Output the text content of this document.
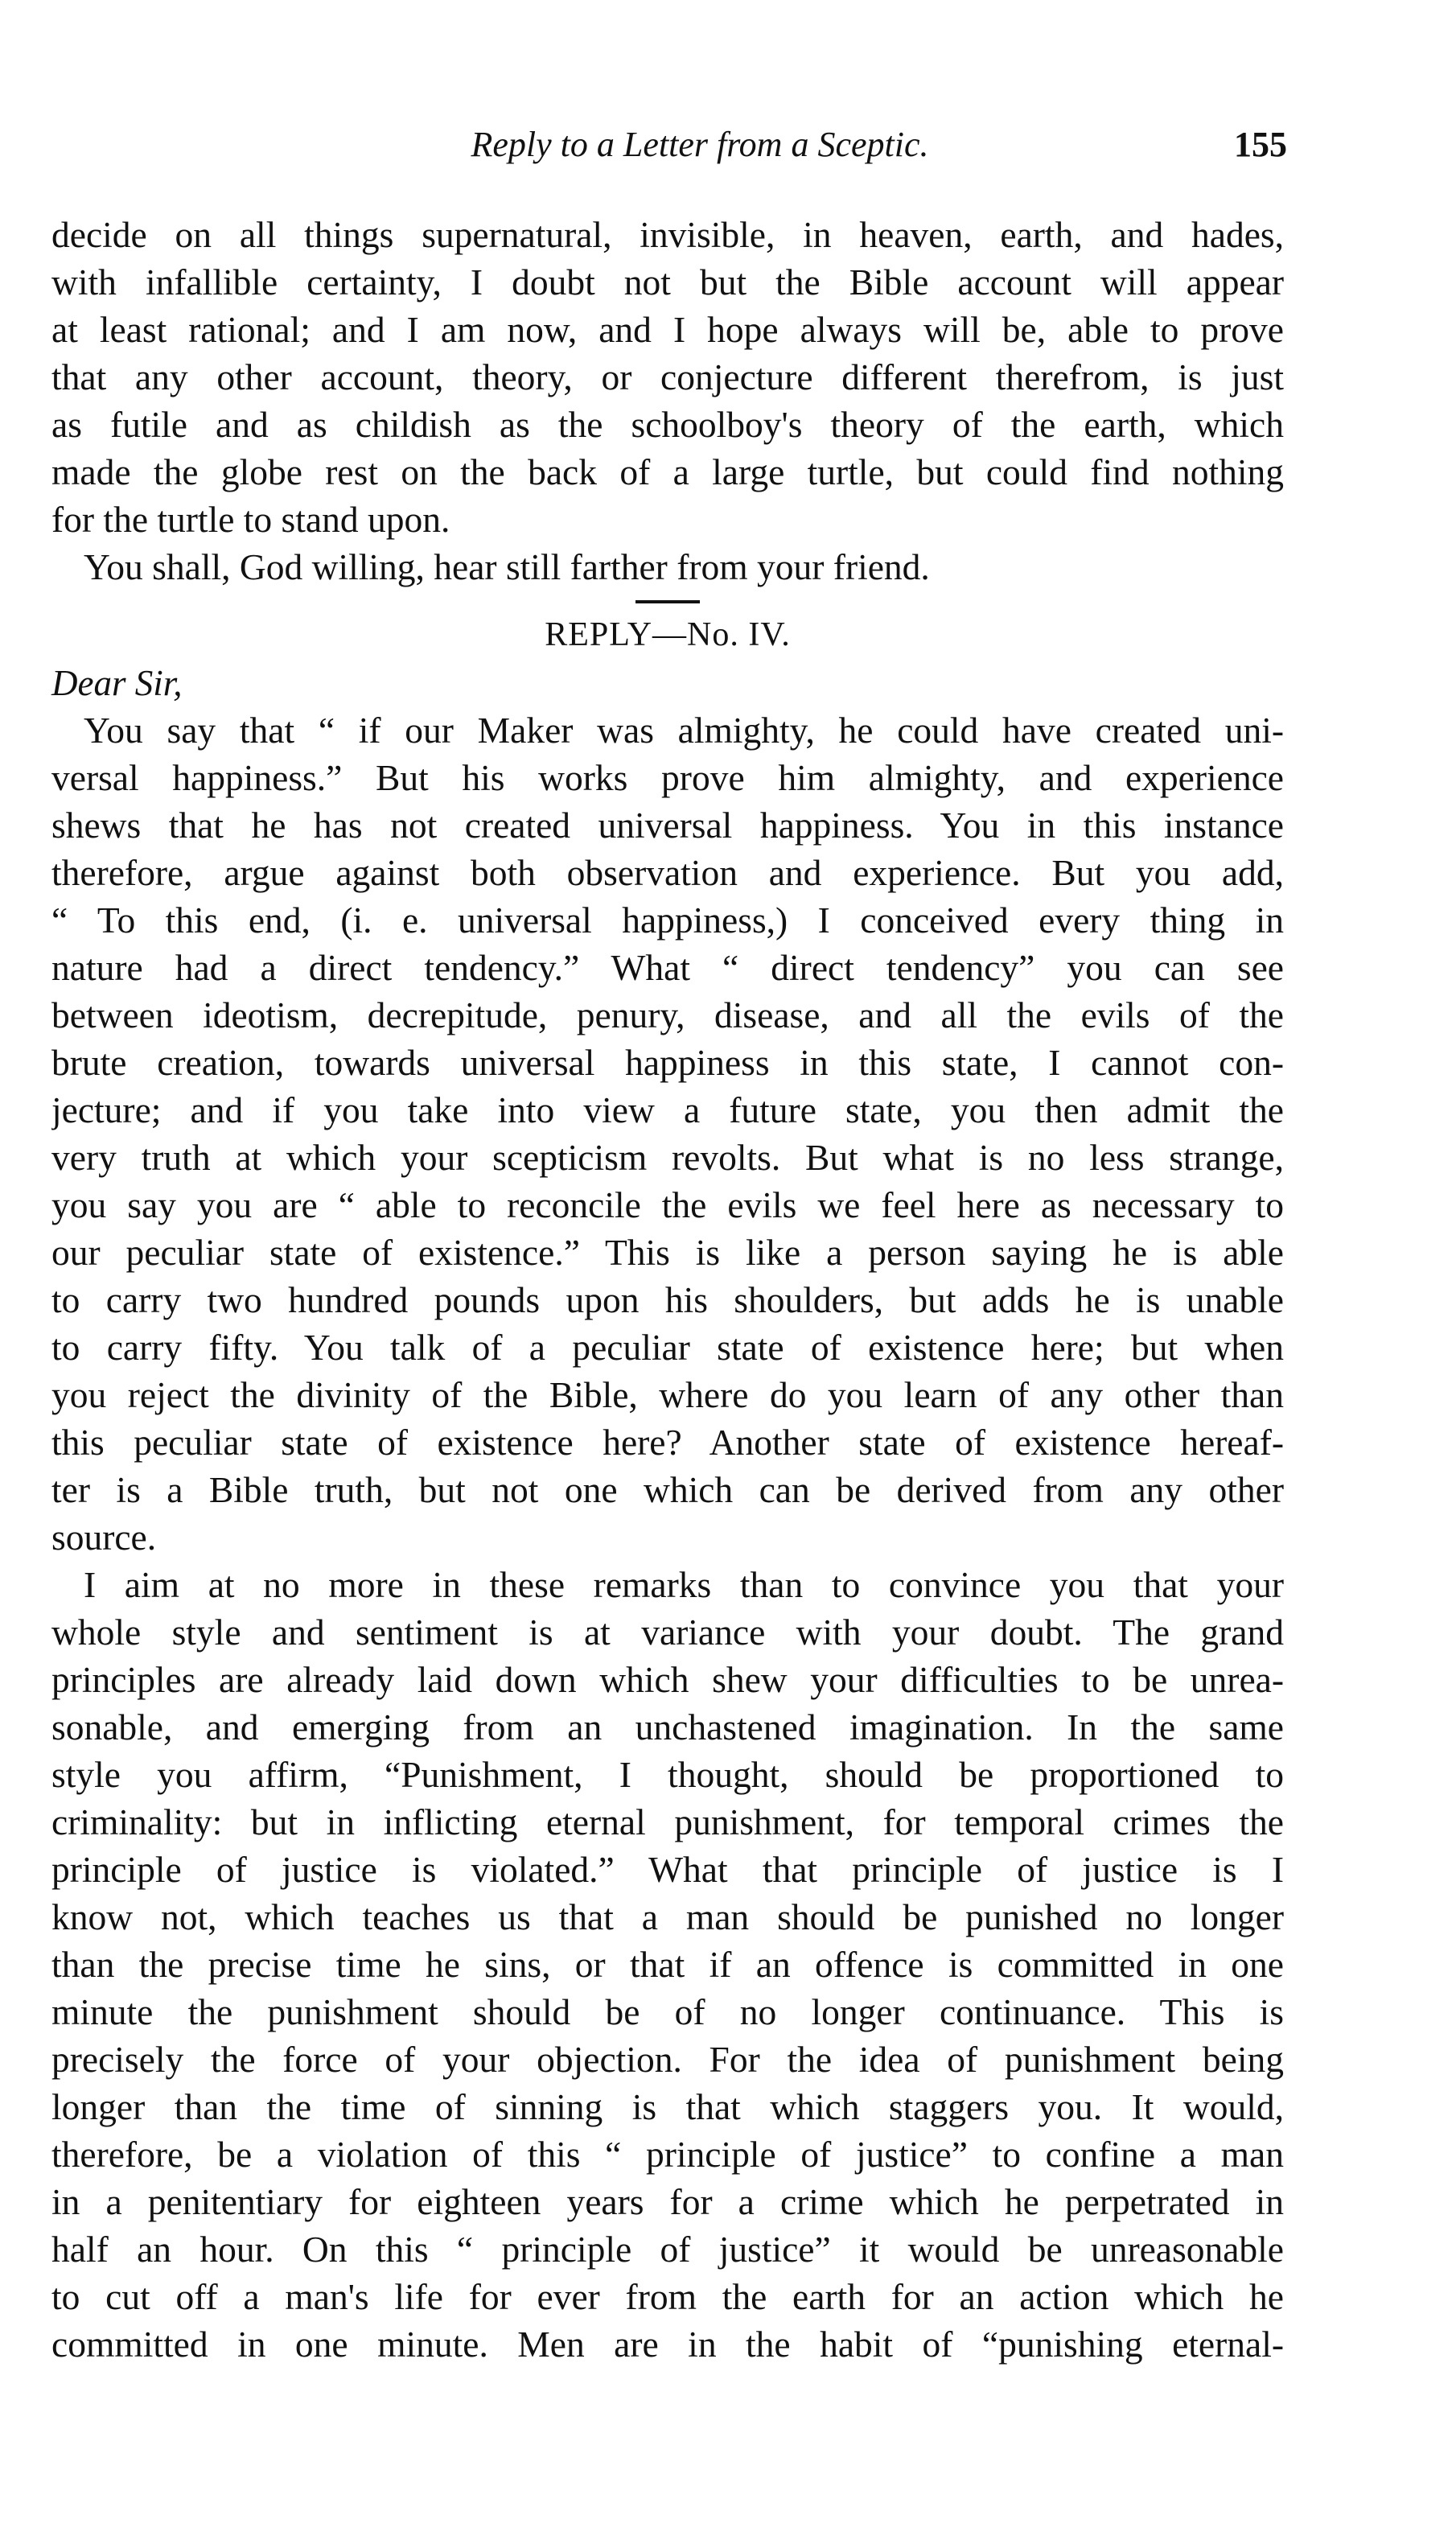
Reply to a Letter from a Sceptic.	155
decide on all things supernatural, invisible, in heaven, earth, and hades,
with infallible certainty, I doubt not but the Bible account will appear
at least rational; and I am now, and I hope always will be, able to prove
that any other account, theory, or conjecture different therefrom, is just
as futile and as childish as the schoolboy's theory of the earth, which
made the globe rest on the back of a large turtle, but could find nothing
for the turtle to stand upon.
You shall, God willing, hear still farther from your friend.
REPLY—No. IV.
Dear Sir,
You say that “ if our Maker was almighty, he could have created uni-
versal happiness.” But his works prove him almighty, and experience
shews that he has not created universal happiness. You in this instance
therefore, argue against both observation and experience. But you add,
“ To this end, (i. e. universal happiness,) I conceived every thing in
nature had a direct tendency.” What “ direct tendency” you can see
between ideotism, decrepitude, penury, disease, and all the evils of the
brute creation, towards universal happiness in this state, I cannot con-
jecture; and if you take into view a future state, you then admit the
very truth at which your scepticism revolts. But what is no less strange,
you say you are “ able to reconcile the evils we feel here as necessary to
our peculiar state of existence.” This is like a person saying he is able
to carry two hundred pounds upon his shoulders, but adds he is unable
to carry fifty. You talk of a peculiar state of existence here; but when
you reject the divinity of the Bible, where do you learn of any other than
this peculiar state of existence here? Another state of existence hereaf-
ter is a Bible truth, but not one which can be derived from any other
source.
I aim at no more in these remarks than to convince you that your
whole style and sentiment is at variance with your doubt. The grand
principles are already laid down which shew your difficulties to be unrea-
sonable, and emerging from an unchastened imagination. In the same
style you affirm, “Punishment, I thought, should be proportioned to
criminality: but in inflicting eternal punishment, for temporal crimes the
principle of justice is violated.” What that principle of justice is I
know not, which teaches us that a man should be punished no longer
than the precise time he sins, or that if an offence is committed in one
minute the punishment should be of no longer continuance. This is
precisely the force of your objection. For the idea of punishment being
longer than the time of sinning is that which staggers you. It would,
therefore, be a violation of this “ principle of justice” to confine a man
in a penitentiary for eighteen years for a crime which he perpetrated in
half an hour. On this “ principle of justice” it would be unreasonable
to cut off a man's life for ever from the earth for an action which he
committed in one minute. Men are in the habit of “punishing eternal-
